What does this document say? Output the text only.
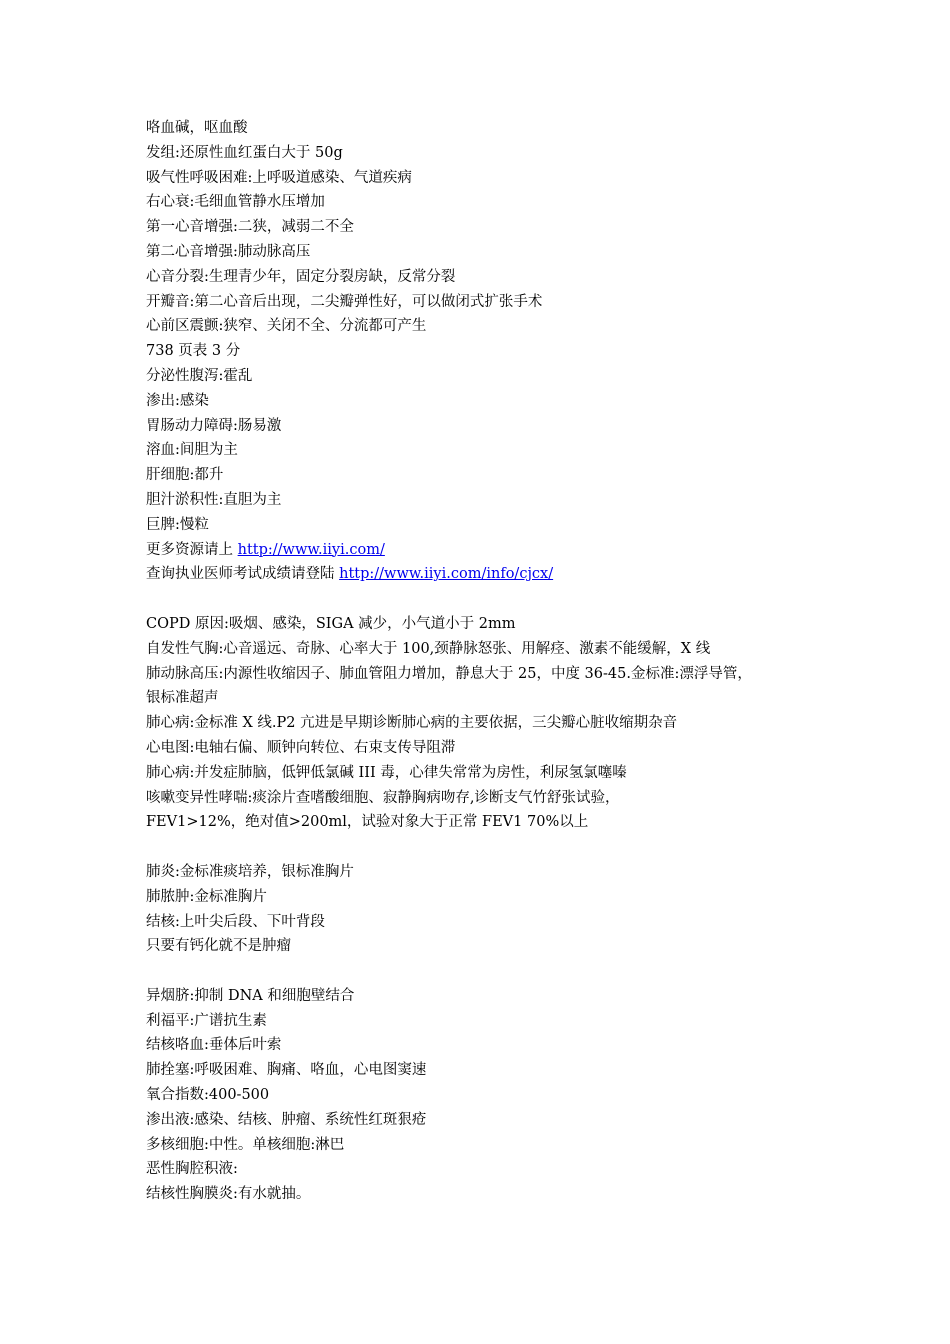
咯血碱，呕血酸
发组:还原性血红蛋白大于 50g
吸气性呼吸困难:上呼吸道感染、气道疾病
右心衰:毛细血管静水压增加
第一心音增强:二狭，减弱二不全
第二心音增强:肺动脉高压
心音分裂:生理青少年，固定分裂房缺，反常分裂
开瓣音:第二心音后出现，二尖瓣弹性好，可以做闭式扩张手术
心前区震颤:狭窄、关闭不全、分流都可产生
738 页表 3 分
分泌性腹泻:霍乱
渗出:感染
胃肠动力障碍:肠易激
溶血:间胆为主
肝细胞:都升
胆汁淤积性:直胆为主
巨脾:慢粒
更多资源请上 http://www.iiyi.com/
查询执业医师考试成绩请登陆 http://www.iiyi.com/info/cjcx/
COPD 原因:吸烟、感染，SIGA 减少，小气道小于 2mm
自发性气胸:心音遥远、奇脉、心率大于 100,颈静脉怒张、用解痉、激素不能缓解，X 线
肺动脉高压:内源性收缩因子、肺血管阻力增加，静息大于 25，中度 36-45.金标准:漂浮导管，
银标准超声
肺心病:金标准 X 线.P2 亢进是早期诊断肺心病的主要依据，三尖瓣心脏收缩期杂音
心电图:电轴右偏、顺钟向转位、右束支传导阻滞
肺心病:并发症肺脑，低钾低氯碱 III 毒，心律失常常为房性，利尿氢氯噻嗪
咳嗽变异性哮喘:痰涂片查嗜酸细胞、寂静胸病吻存,诊断支气竹舒张试验，
FEV1>12%，绝对值>200ml，试验对象大于正常 FEV1 70%以上
肺炎:金标准痰培养，银标准胸片
肺脓肿:金标准胸片
结核:上叶尖后段、下叶背段
只要有钙化就不是肿瘤
异烟脐:抑制 DNA 和细胞壁结合
利福平:广谱抗生素
结核咯血:垂体后叶索
肺拴塞:呼吸困难、胸痛、咯血，心电图窦速
氧合指数:400-500
渗出液:感染、结核、肿瘤、系统性红斑狠疮
多核细胞:中性。单核细胞:淋巴
恶性胸腔积液:
结核性胸膜炎:有水就抽。
